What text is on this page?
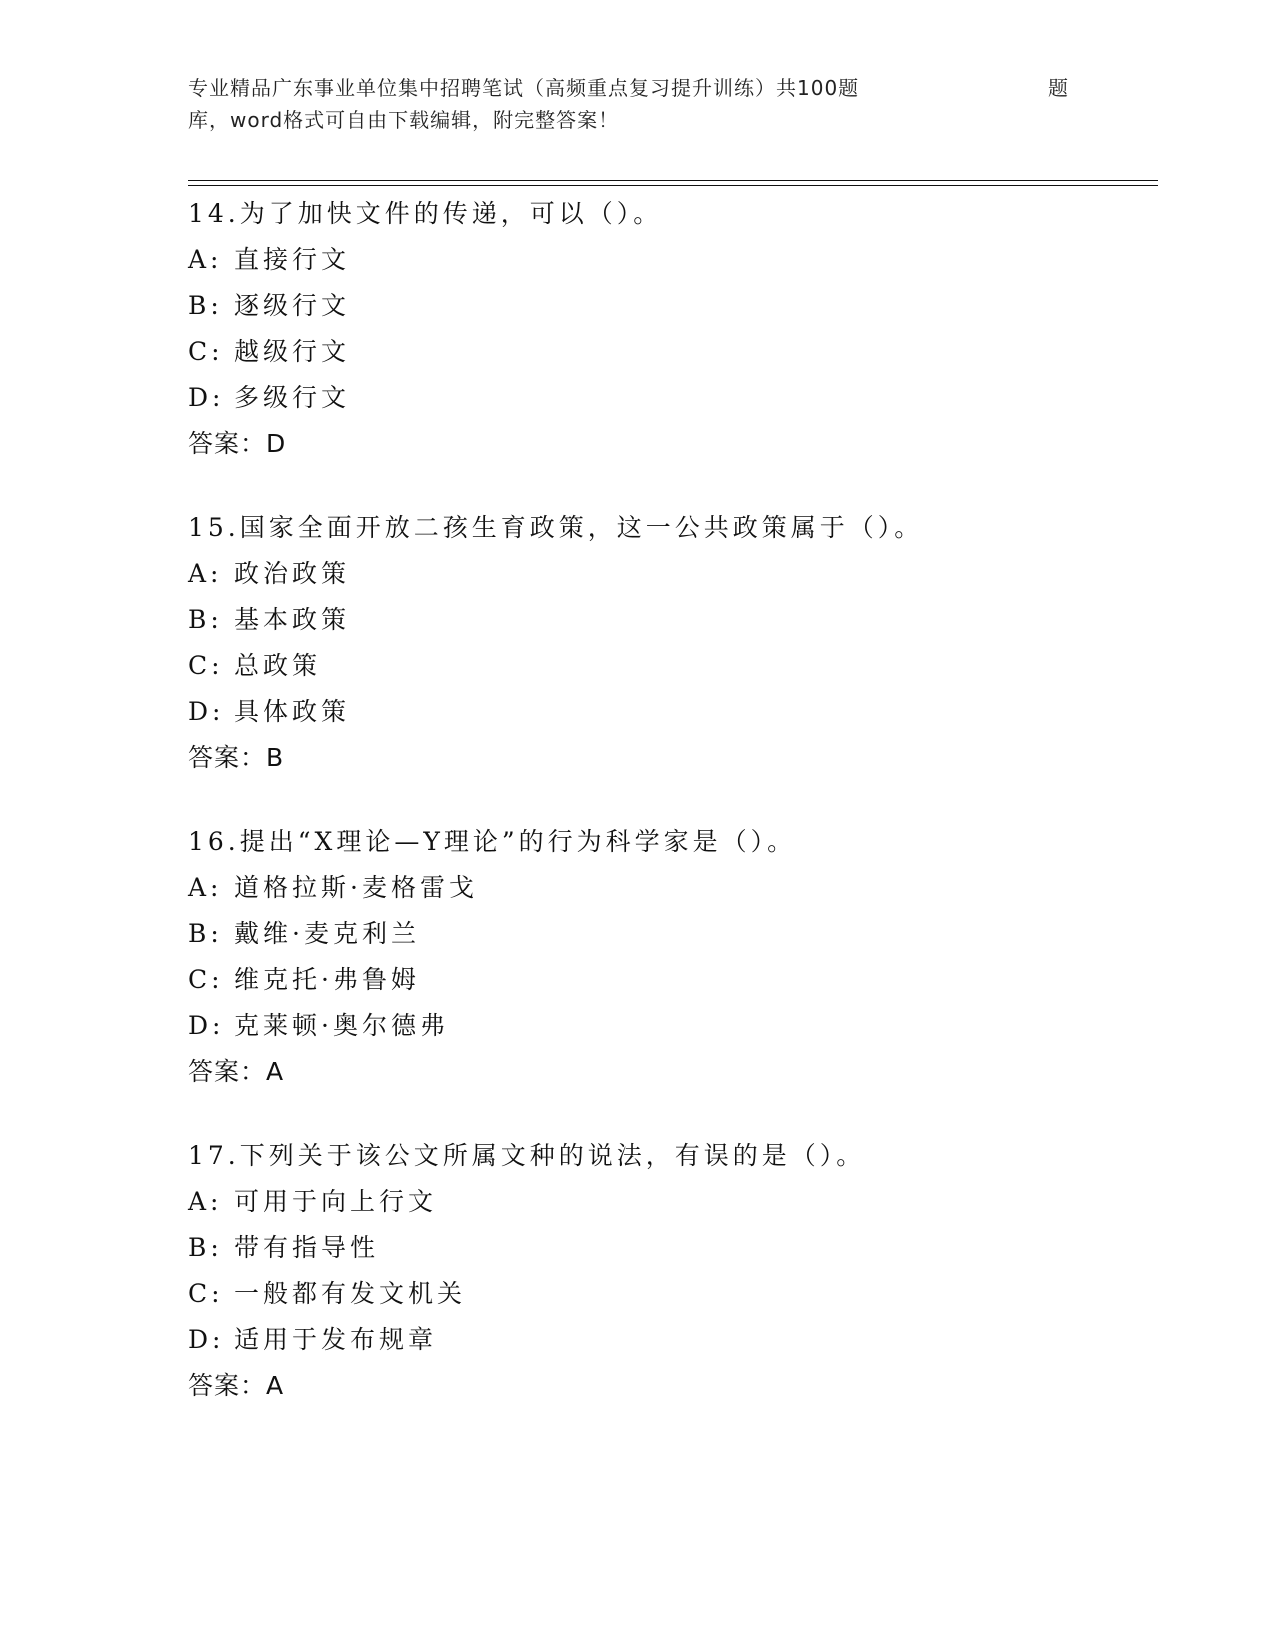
专业精品广东事业单位集中招聘笔试（高频重点复习提升训练）共100题	题
库，word格式可自由下载编辑，附完整答案！
14.为了加快文件的传递，可以（）。
A: 直接行文
B: 逐级行文
C: 越级行文
D: 多级行文
答案：D
15.国家全面开放二孩生育政策，这一公共政策属于（）。
A: 政治政策
B: 基本政策
C: 总政策
D: 具体政策
答案：B
16.提出“X理论—Y理论”的行为科学家是（）。
A: 道格拉斯·麦格雷戈
B: 戴维·麦克利兰
C: 维克托·弗鲁姆
D: 克莱顿·奥尔德弗
答案：A
17.下列关于该公文所属文种的说法，有误的是（）。
A: 可用于向上行文
B: 带有指导性
C: 一般都有发文机关
D: 适用于发布规章
答案：A
